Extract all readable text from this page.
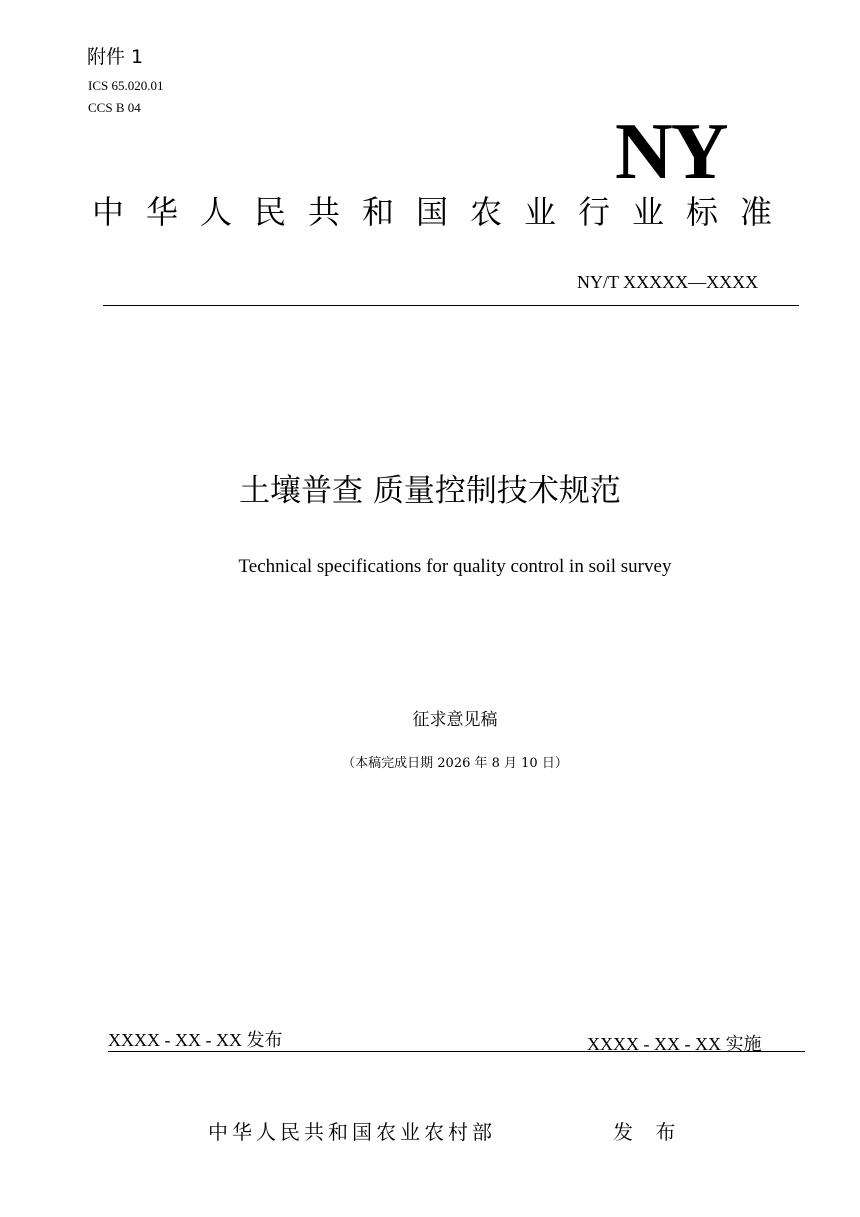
附件 1
ICS 65.020.01
CCS B 04
NY
中华人民共和国农业行业标准
NY/T XXXXX—XXXX
土壤普查 质量控制技术规范
Technical specifications for quality control in soil survey
征求意见稿
（本稿完成日期 2026 年 8 月 10 日）
XXXX - XX - XX 发布	XXXX - XX - XX 实施
中华人民共和国农业农村部	发 布
